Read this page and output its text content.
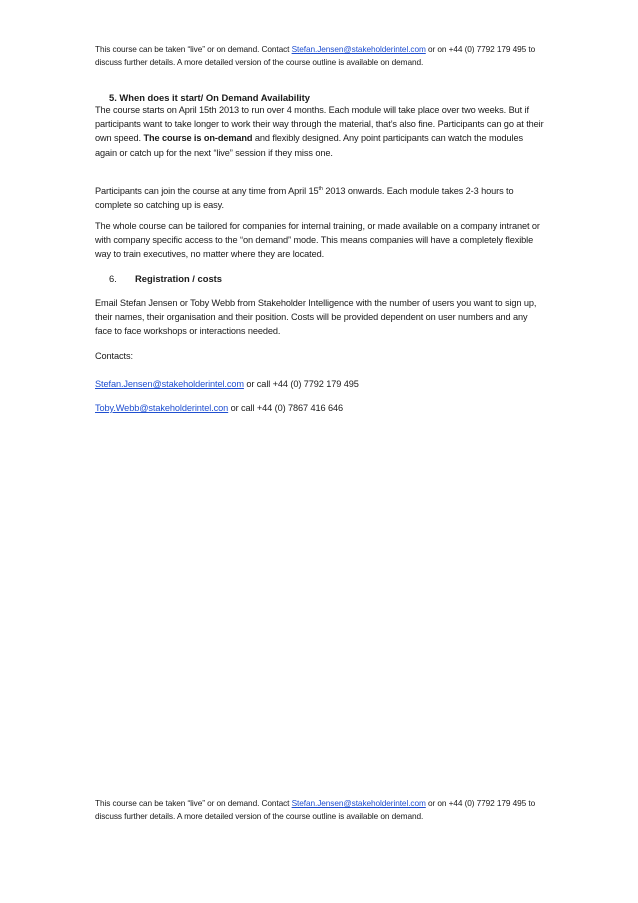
This course can be taken “live” or on demand. Contact Stefan.Jensen@stakeholderintel.com or on +44 (0) 7792 179 495 to discuss further details. A more detailed version of the course outline is available on demand.
5. When does it start/ On Demand Availability

The course starts on April 15th 2013 to run over 4 months. Each module will take place over two weeks. But if participants want to take longer to work their way through the material, that’s also fine. Participants can go at their own speed. The course is on-demand and flexibly designed. Any point participants can watch the modules again or catch up for the next “live” session if they miss one.

Participants can join the course at any time from April 15th 2013 onwards. Each module takes 2-3 hours to complete so catching up is easy.

The whole course can be tailored for companies for internal training, or made available on a company intranet or with company specific access to the “on demand” mode. This means companies will have a completely flexible way to train executives, no matter where they are located.

6. Registration / costs

Email Stefan Jensen or Toby Webb from Stakeholder Intelligence with the number of users you want to sign up, their names, their organisation and their position. Costs will be provided dependent on user numbers and any face to face workshops or interactions needed.

Contacts:

Stefan.Jensen@stakeholderintel.com or call +44 (0) 7792 179 495

Toby.Webb@stakeholderintel.con or call +44 (0) 7867 416 646

This course can be taken “live” or on demand. Contact Stefan.Jensen@stakeholderintel.com or on +44 (0) 7792 179 495 to discuss further details. A more detailed version of the course outline is available on demand.
